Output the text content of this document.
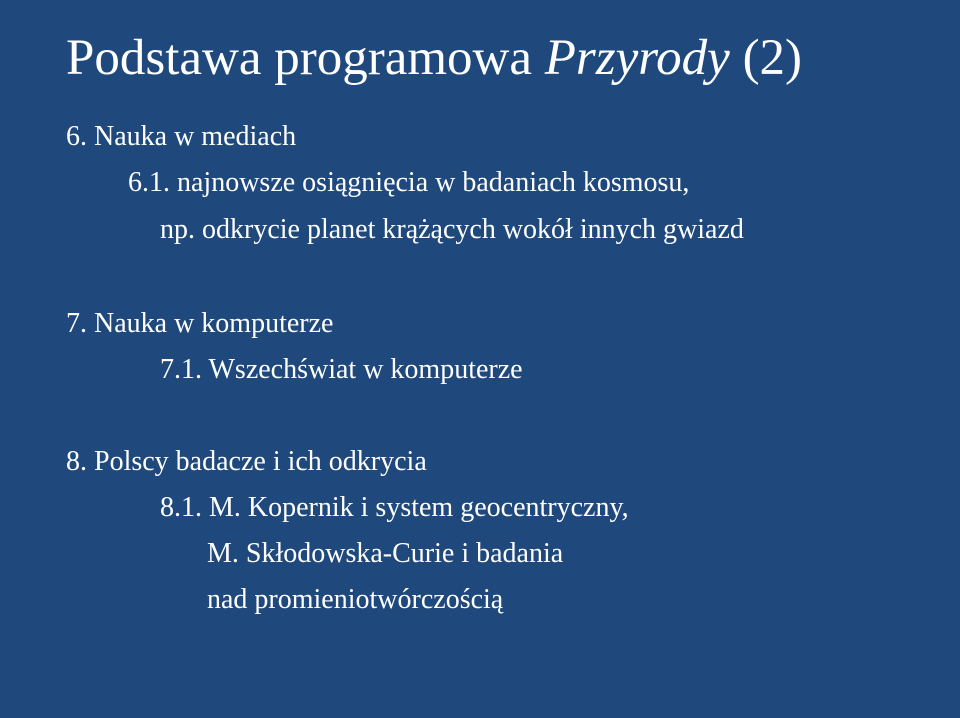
Podstawa programowa Przyrody (2)
6. Nauka w mediach
6.1. najnowsze osiągnięcia w badaniach kosmosu,
np. odkrycie planet krążących wokół innych gwiazd
7. Nauka w komputerze
7.1. Wszechświat w komputerze
8. Polscy badacze i ich odkrycia
8.1. M. Kopernik i system geocentryczny,
M. Skłodowska-Curie i badania
nad promieniotwórczością
